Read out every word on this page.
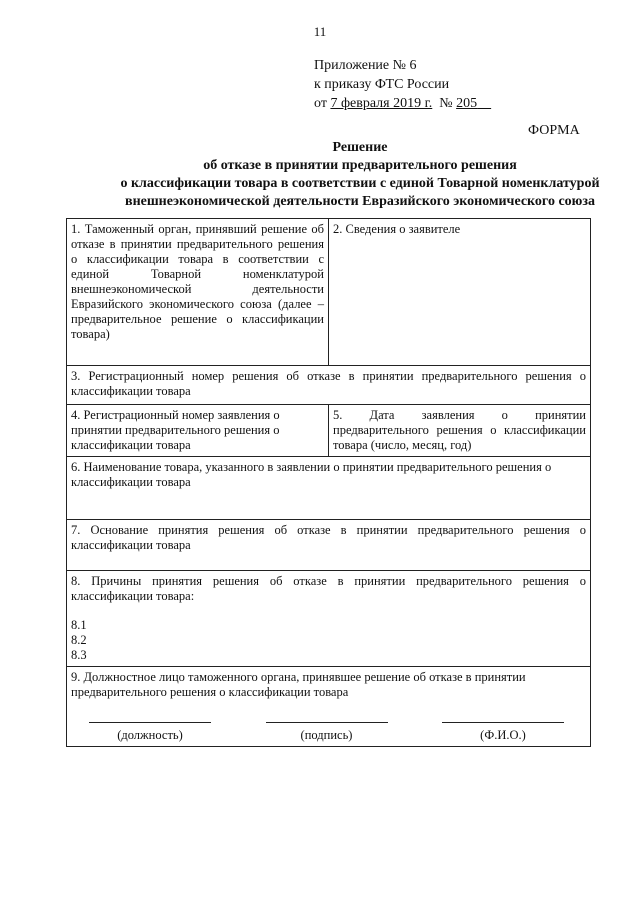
11
Приложение № 6
к приказу ФТС России
от 7 февраля 2019 г. № 205
ФОРМА
Решение
об отказе в принятии предварительного решения
о классификации товара в соответствии с единой Товарной номенклатурой
внешнеэкономической деятельности Евразийского экономического союза
1. Таможенный орган, принявший решение об отказе в принятии предварительного решения о классификации товара в соответствии с единой Товарной номенклатурой внешнеэкономической деятельности Евразийского экономического союза (далее – предварительное решение о классификации товара)	2. Сведения о заявителе
3. Регистрационный номер решения об отказе в принятии предварительного решения о классификации товара	
4. Регистрационный номер заявления о принятии предварительного решения о классификации товара	5. Дата заявления о принятии предварительного решения о классификации товара (число, месяц, год)
6. Наименование товара, указанного в заявлении о принятии предварительного решения о классификации товара	
7. Основание принятия решения об отказе в принятии предварительного решения о классификации товара	

8. Причины принятия решения об отказе в принятии предварительного решения о классификации товара:
8.1
8.2
8.3	

9. Должностное лицо таможенного органа, принявшее решение об отказе в принятии предварительного решения о классификации товара
(должность) (подпись) (Ф.И.О.)	
